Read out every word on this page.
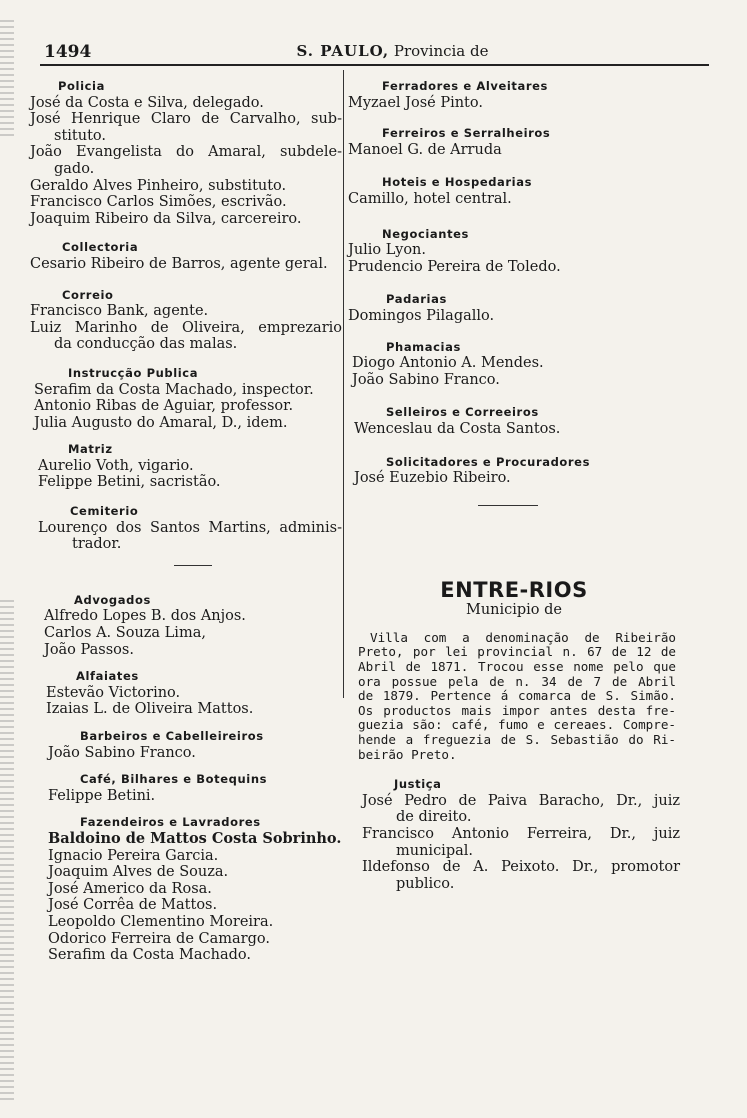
1494	S. PAULO, Provincia de
Policia
José da Costa e Silva, delegado.
José Henrique Claro de Carvalho, sub-
stituto.
João Evangelista do Amaral, subdele-
gado.
Geraldo Alves Pinheiro, substituto.
Francisco Carlos Simões, escrivão.
Joaquim Ribeiro da Silva, carcereiro.
Collectoria
Cesario Ribeiro de Barros, agente geral.
Correio
Francisco Bank, agente.
Luiz Marinho de Oliveira, emprezario
da conducção das malas.
Instrucção Publica
Serafim da Costa Machado, inspector.
Antonio Ribas de Aguiar, professor.
Julia Augusto do Amaral, D., idem.
Matriz
Aurelio Voth, vigario.
Felippe Betini, sacristão.
Cemiterio
Lourenço dos Santos Martins, adminis-
trador.
Advogados
Alfredo Lopes B. dos Anjos.
Carlos A. Souza Lima,
João Passos.
Alfaiates
Estevão Victorino.
Izaias L. de Oliveira Mattos.
Barbeiros e Cabelleireiros
João Sabino Franco.
Café, Bilhares e Botequins
Felippe Betini.
Fazendeiros e Lavradores
Baldoino de Mattos Costa Sobrinho.
Ignacio Pereira Garcia.
Joaquim Alves de Souza.
José Americo da Rosa.
José Corrêa de Mattos.
Leopoldo Clementino Moreira.
Odorico Ferreira de Camargo.
Serafim da Costa Machado.
Ferradores e Alveitares
Myzael José Pinto.
Ferreiros e Serralheiros
Manoel G. de Arruda
Hoteis e Hospedarias
Camillo, hotel central.
Negociantes
Julio Lyon.
Prudencio Pereira de Toledo.
Padarias
Domingos Pilagallo.
Phamacias
Diogo Antonio A. Mendes.
João Sabino Franco.
Selleiros e Correeiros
Wenceslau da Costa Santos.
Solicitadores e Procuradores
José Euzebio Ribeiro.
ENTRE-RIOS
Municipio de
Villa com a denominação de Ribeirão
Preto, por lei provincial n. 67 de 12 de
Abril de 1871. Trocou esse nome pelo que
ora possue pela de n. 34 de 7 de Abril
de 1879. Pertence á comarca de S. Simão.
Os productos mais impor antes desta fre-
guezia são: café, fumo e cereaes. Compre-
hende a freguezia de S. Sebastião do Ri-
beirão Preto.
Justiça
José Pedro de Paiva Baracho, Dr., juiz
de direito.
Francisco Antonio Ferreira, Dr., juiz
municipal.
Ildefonso de A. Peixoto. Dr., promotor
publico.
